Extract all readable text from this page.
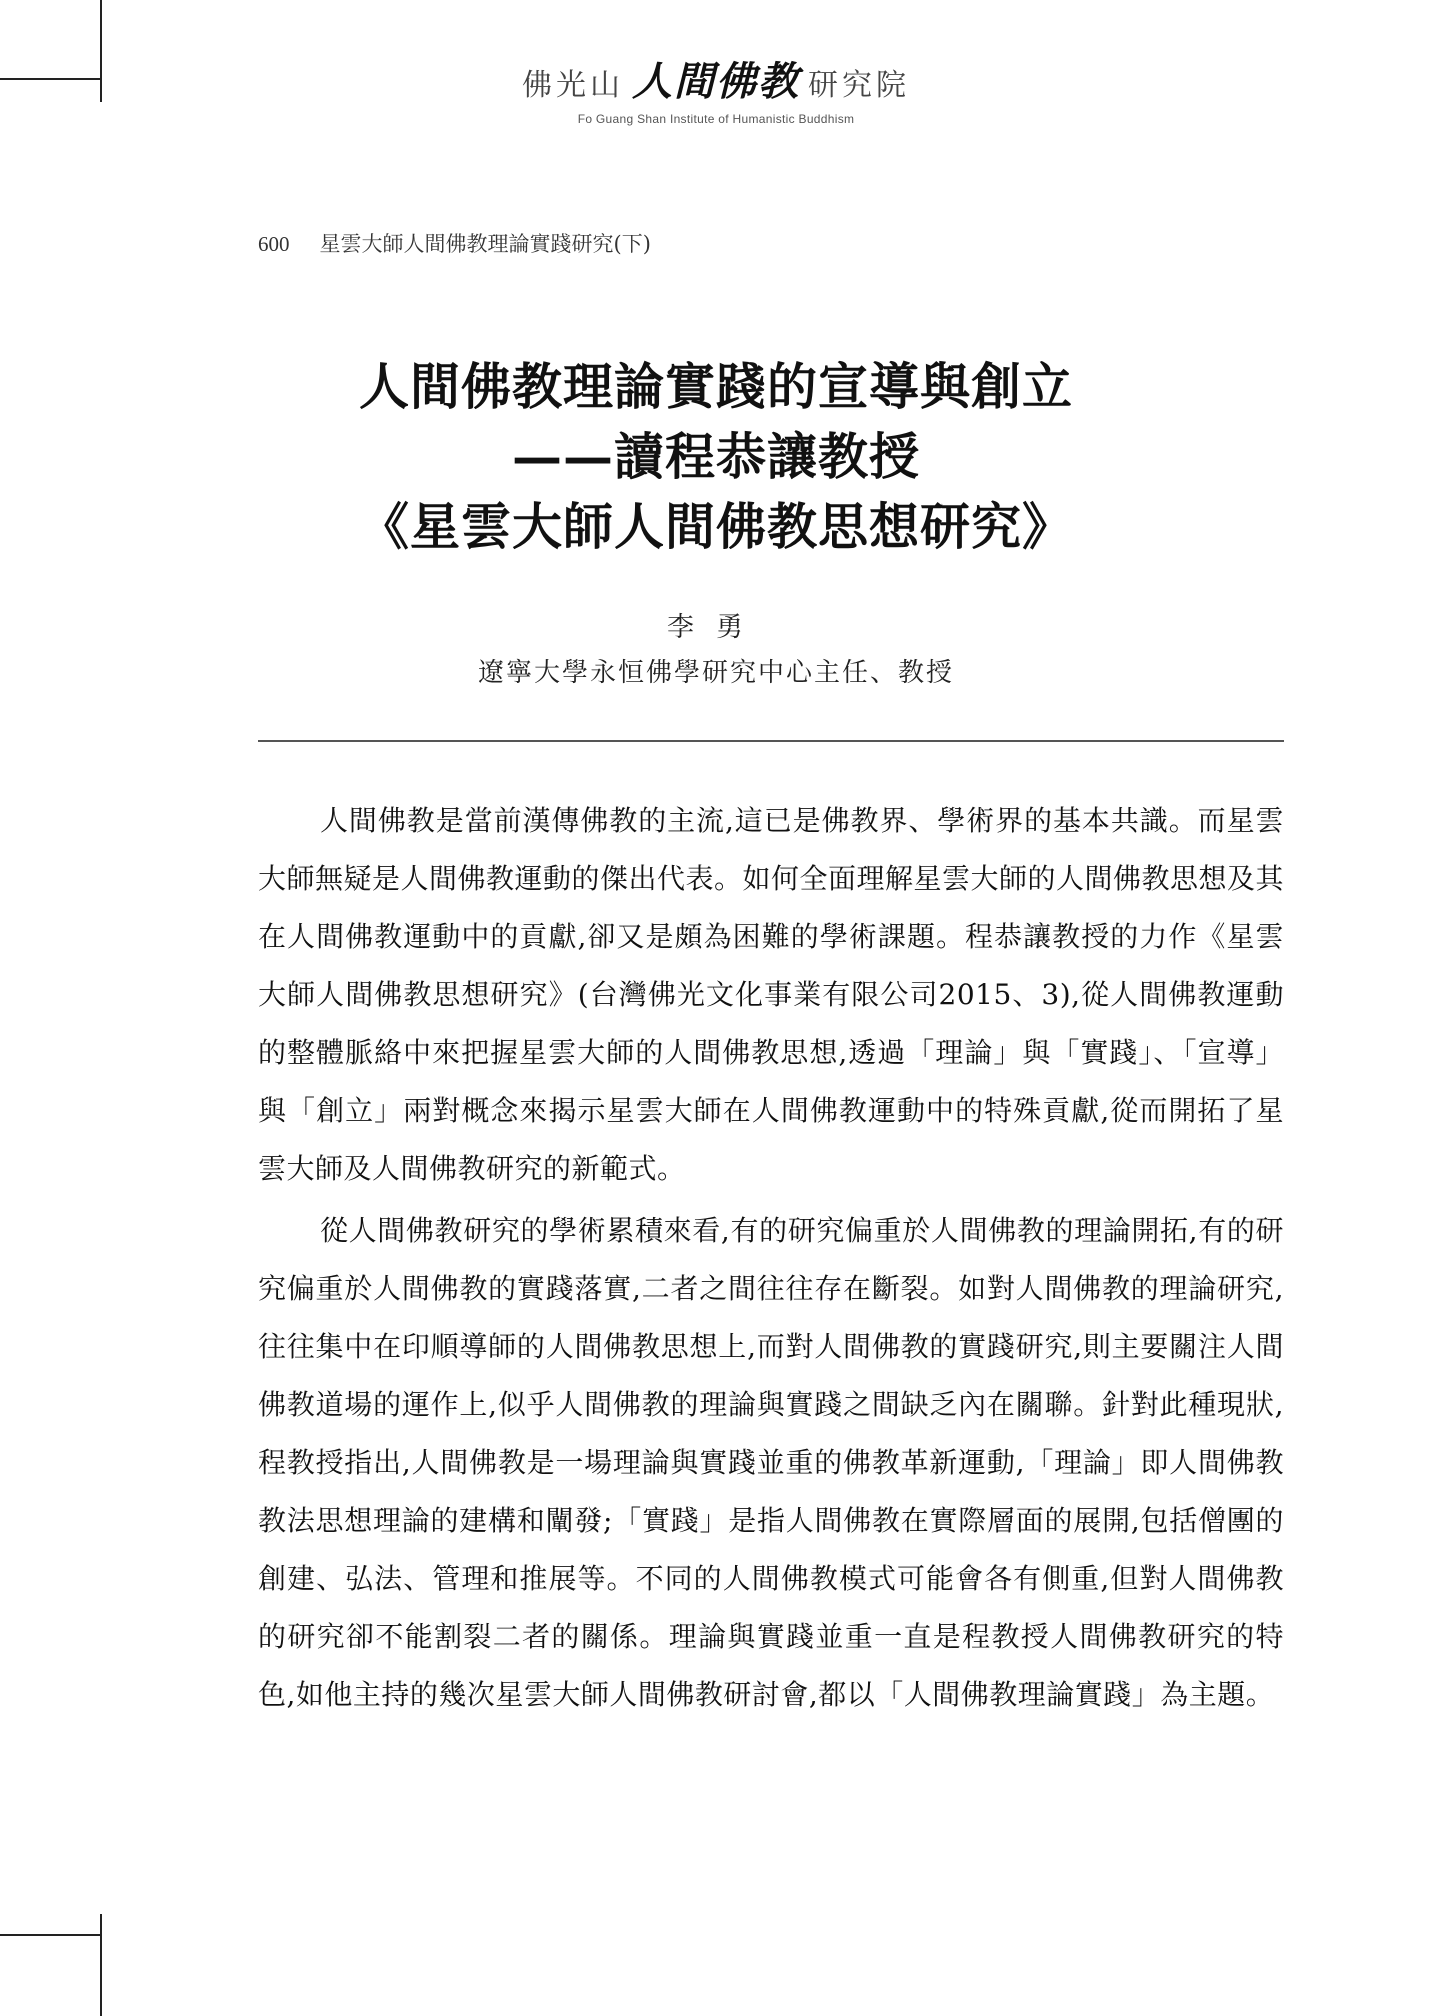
佛光山 人間佛教 研究院
Fo Guang Shan Institute of Humanistic Buddhism
600 星雲大師人間佛教理論實踐研究(下)
人間佛教理論實踐的宣導與創立
——讀程恭讓教授
《星雲大師人間佛教思想研究》
李勇
遼寧大學永恒佛學研究中心主任、教授

人間佛教是當前漢傳佛教的主流,這已是佛教界、學術界的基本共識。而星雲大師無疑是人間佛教運動的傑出代表。如何全面理解星雲大師的人間佛教思想及其在人間佛教運動中的貢獻,卻又是頗為困難的學術課題。程恭讓教授的力作《星雲大師人間佛教思想研究》(台灣佛光文化事業有限公司2015、3),從人間佛教運動的整體脈絡中來把握星雲大師的人間佛教思想,透過「理論」與「實踐」、「宣導」與「創立」兩對概念來揭示星雲大師在人間佛教運動中的特殊貢獻,從而開拓了星雲大師及人間佛教研究的新範式。

從人間佛教研究的學術累積來看,有的研究偏重於人間佛教的理論開拓,有的研究偏重於人間佛教的實踐落實,二者之間往往存在斷裂。如對人間佛教的理論研究,往往集中在印順導師的人間佛教思想上,而對人間佛教的實踐研究,則主要關注人間佛教道場的運作上,似乎人間佛教的理論與實踐之間缺乏內在關聯。針對此種現狀,程教授指出,人間佛教是一場理論與實踐並重的佛教革新運動,「理論」即人間佛教教法思想理論的建構和闡發;「實踐」是指人間佛教在實際層面的展開,包括僧團的創建、弘法、管理和推展等。不同的人間佛教模式可能會各有側重,但對人間佛教的研究卻不能割裂二者的關係。理論與實踐並重一直是程教授人間佛教研究的特色,如他主持的幾次星雲大師人間佛教研討會,都以「人間佛教理論實踐」為主題。
